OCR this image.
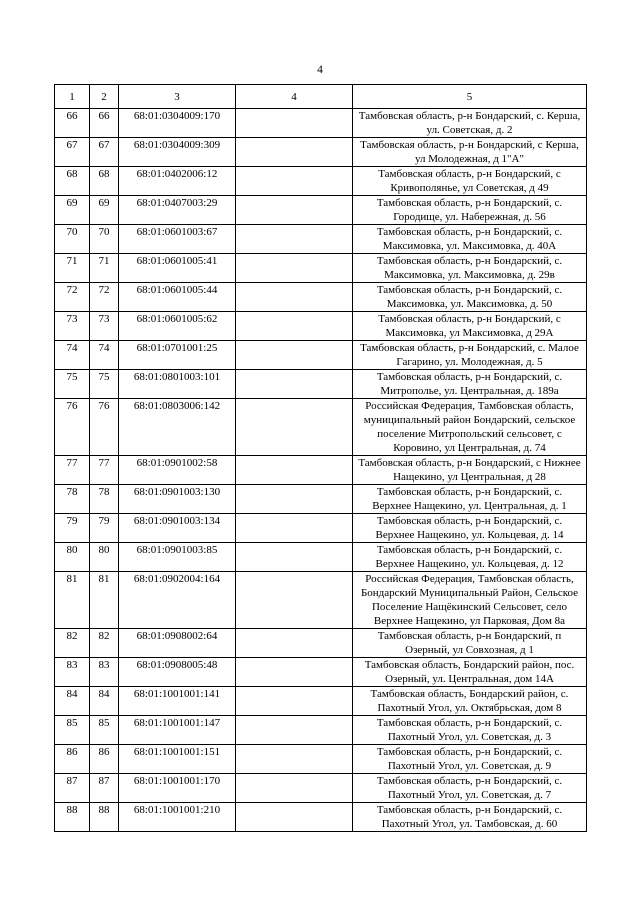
4
1	2	3	4	5
66	66	68:01:0304009:170		Тамбовская область, р-н Бондарский, с. Керша,
ул. Советская, д. 2

67	67	68:01:0304009:309		Тамбовская область, р-н Бондарский, с Керша,
ул Молодежная, д 1"А"

68	68	68:01:0402006:12		Тамбовская область, р-н Бондарский, с
Кривополянье, ул Советская, д 49

69	69	68:01:0407003:29		Тамбовская область, р-н Бондарский, с.
Городище, ул. Набережная, д. 56

70	70	68:01:0601003:67		Тамбовская область, р-н Бондарский, с.
Максимовка, ул. Максимовка, д. 40А

71	71	68:01:0601005:41		Тамбовская область, р-н Бондарский, с.
Максимовка, ул. Максимовка, д. 29в

72	72	68:01:0601005:44		Тамбовская область, р-н Бондарский, с.
Максимовка, ул. Максимовка, д. 50

73	73	68:01:0601005:62		Тамбовская область, р-н Бондарский, с
Максимовка, ул Максимовка, д 29А

74	74	68:01:0701001:25		Тамбовская область, р-н Бондарский, с. Малое
Гагарино, ул. Молодежная, д. 5

75	75	68:01:0801003:101		Тамбовская область, р-н Бондарский, с.
Митрополье, ул. Центральная, д. 189а

76	76	68:01:0803006:142		Российская Федерация, Тамбовская область,
муниципальный район Бондарский, сельское
поселение Митропольский сельсовет, с
Коровино, ул Центральная, д. 74

77	77	68:01:0901002:58		Тамбовская область, р-н Бондарский, с Нижнее
Нащекино, ул Центральная, д 28

78	78	68:01:0901003:130		Тамбовская область, р-н Бондарский, с.
Верхнее Нащекино, ул. Центральная, д. 1

79	79	68:01:0901003:134		Тамбовская область, р-н Бондарский, с.
Верхнее Нащекино, ул. Кольцевая, д. 14

80	80	68:01:0901003:85		Тамбовская область, р-н Бондарский, с.
Верхнее Нащекино, ул. Кольцевая, д. 12

81	81	68:01:0902004:164		Российская Федерация, Тамбовская область,
Бондарский Муниципальный Район, Сельское
Поселение Нащёкинский Сельсовет, село
Верхнее Нащекино, ул Парковая, Дом 8а

82	82	68:01:0908002:64		Тамбовская область, р-н Бондарский, п
Озерный, ул Совхозная, д 1

83	83	68:01:0908005:48		Тамбовская область, Бондарский район, пос.
Озерный, ул. Центральная, дом 14А

84	84	68:01:1001001:141		Тамбовская область, Бондарский район, с.
Пахотный Угол, ул. Октябрьская, дом 8

85	85	68:01:1001001:147		Тамбовская область, р-н Бондарский, с.
Пахотный Угол, ул. Советская, д. 3

86	86	68:01:1001001:151		Тамбовская область, р-н Бондарский, с.
Пахотный Угол, ул. Советская, д. 9

87	87	68:01:1001001:170		Тамбовская область, р-н Бондарский, с.
Пахотный Угол, ул. Советская, д. 7

88	88	68:01:1001001:210		Тамбовская область, р-н Бондарский, с.
Пахотный Угол, ул. Тамбовская, д. 60
